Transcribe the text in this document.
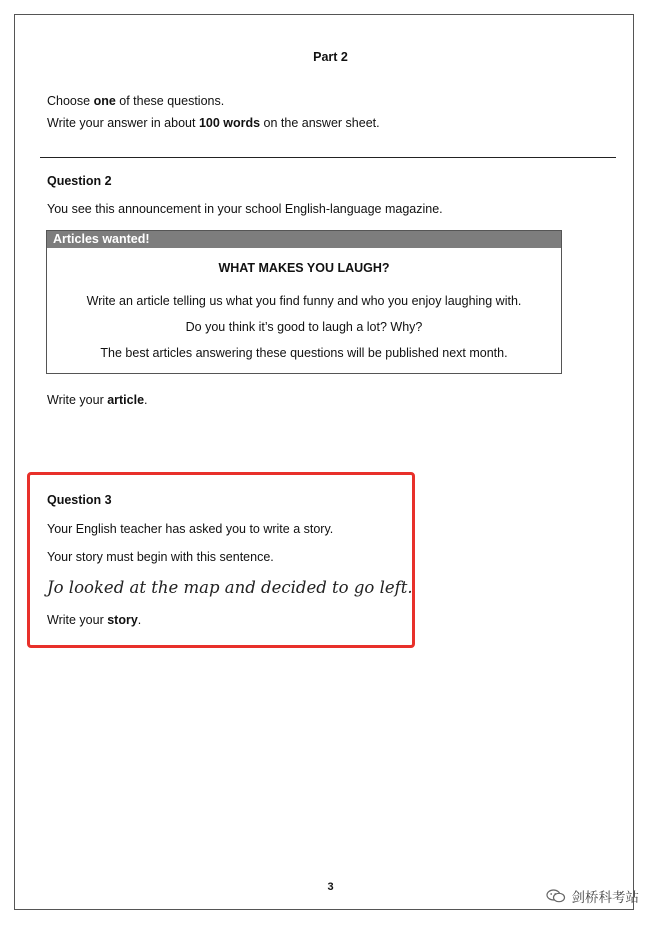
Part 2
Choose one of these questions.
Write your answer in about 100 words on the answer sheet.
Question 2
You see this announcement in your school English-language magazine.
Articles wanted!
WHAT MAKES YOU LAUGH?
Write an article telling us what you find funny and who you enjoy laughing with.
Do you think it’s good to laugh a lot? Why?
The best articles answering these questions will be published next month.
Write your article.
Question 3
Your English teacher has asked you to write a story.
Your story must begin with this sentence.
Jo looked at the map and decided to go left.
Write your story.
3
剑桥科考站
